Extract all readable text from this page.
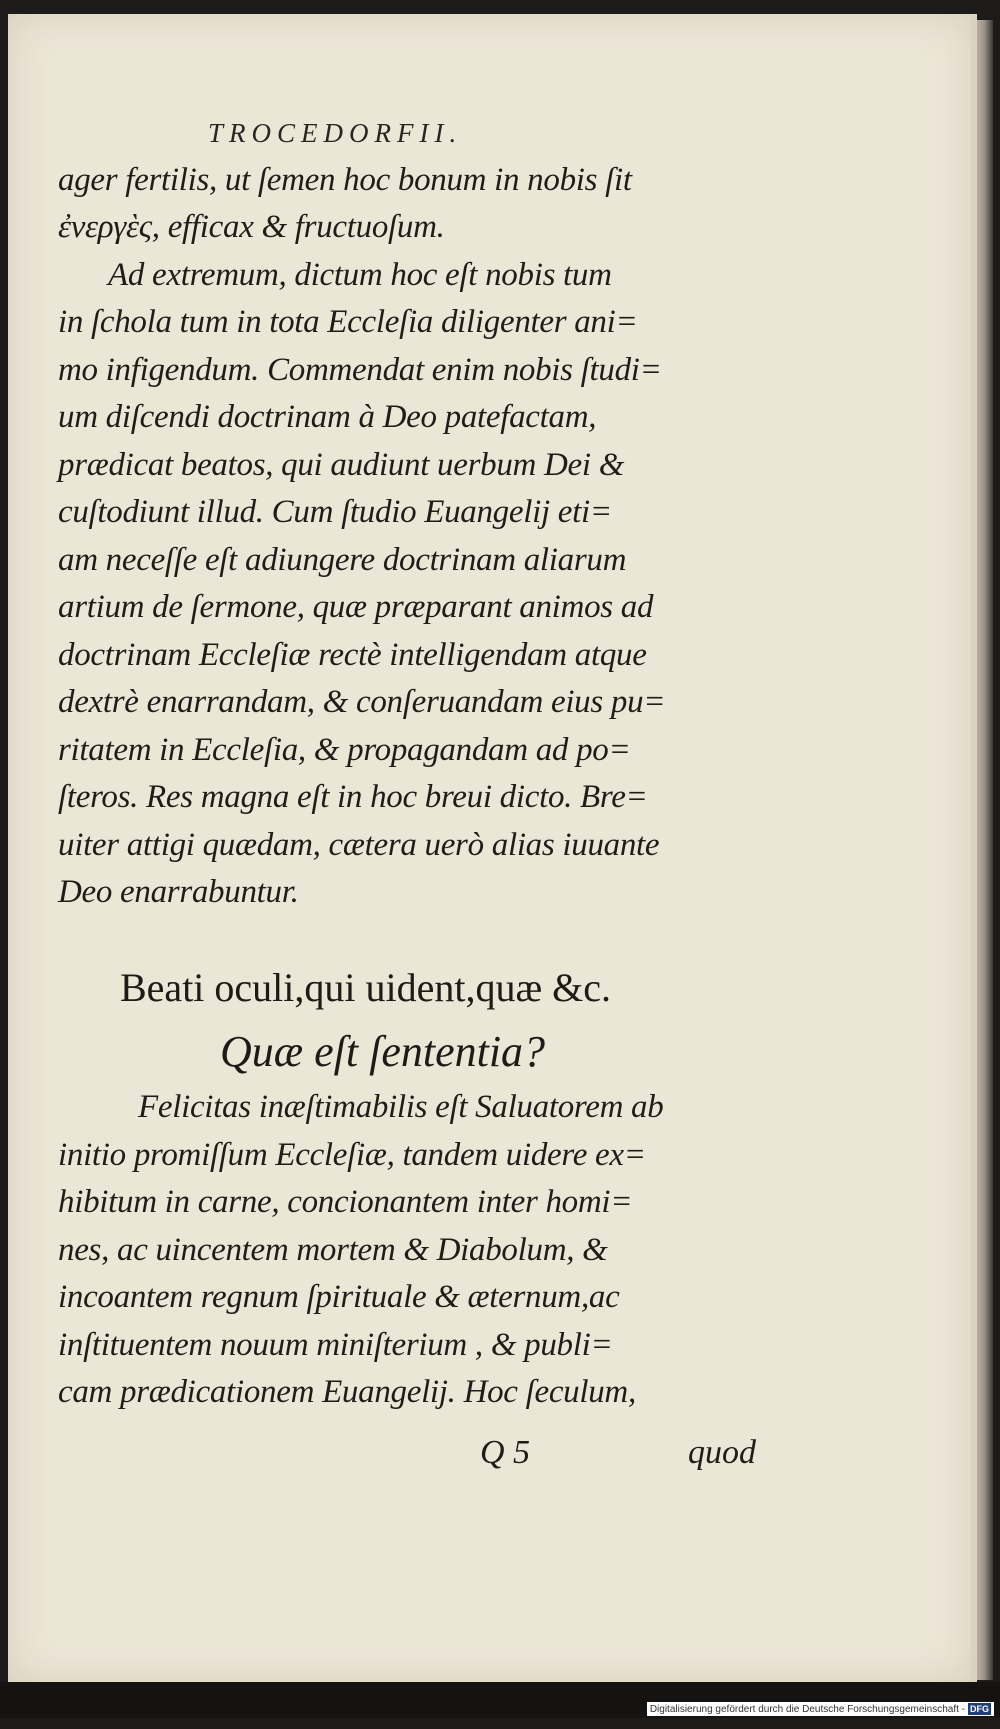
TROCEDORFII.
ager fertilis, ut ſemen hoc bonum in nobis ſit
ἐνεργὲς, efficax & fructuoſum.
Ad extremum, dictum hoc eſt nobis tum
in ſchola tum in tota Eccleſia diligenter ani=
mo infigendum. Commendat enim nobis ſtudi=
um diſcendi doctrinam à Deo patefactam,
prædicat beatos, qui audiunt uerbum Dei &
cuſtodiunt illud. Cum ſtudio Euangelij eti=
am neceſſe eſt adiungere doctrinam aliarum
artium de ſermone, quæ præparant animos ad
doctrinam Eccleſiæ rectè intelligendam atque
dextrè enarrandam, & conſeruandam eius pu=
ritatem in Eccleſia, & propagandam ad po=
ſteros. Res magna eſt in hoc breui dicto. Bre=
uiter attigi quædam, cætera uerò alias iuuante
Deo enarrabuntur.
Beati oculi,qui uident,quæ &c.
Quæ eſt ſententia?
Felicitas inæſtimabilis eſt Saluatorem ab
initio promiſſum Eccleſiæ, tandem uidere ex=
hibitum in carne, concionantem inter homi=
nes, ac uincentem mortem & Diabolum, &
incoantem regnum ſpirituale & æternum,ac
inſtituentem nouum miniſterium , & publi=
cam prædicationem Euangelij. Hoc ſeculum,
Q 5	quod
Digitalisierung gefördert durch die Deutsche Forschungsgemeinschaft - DFG
